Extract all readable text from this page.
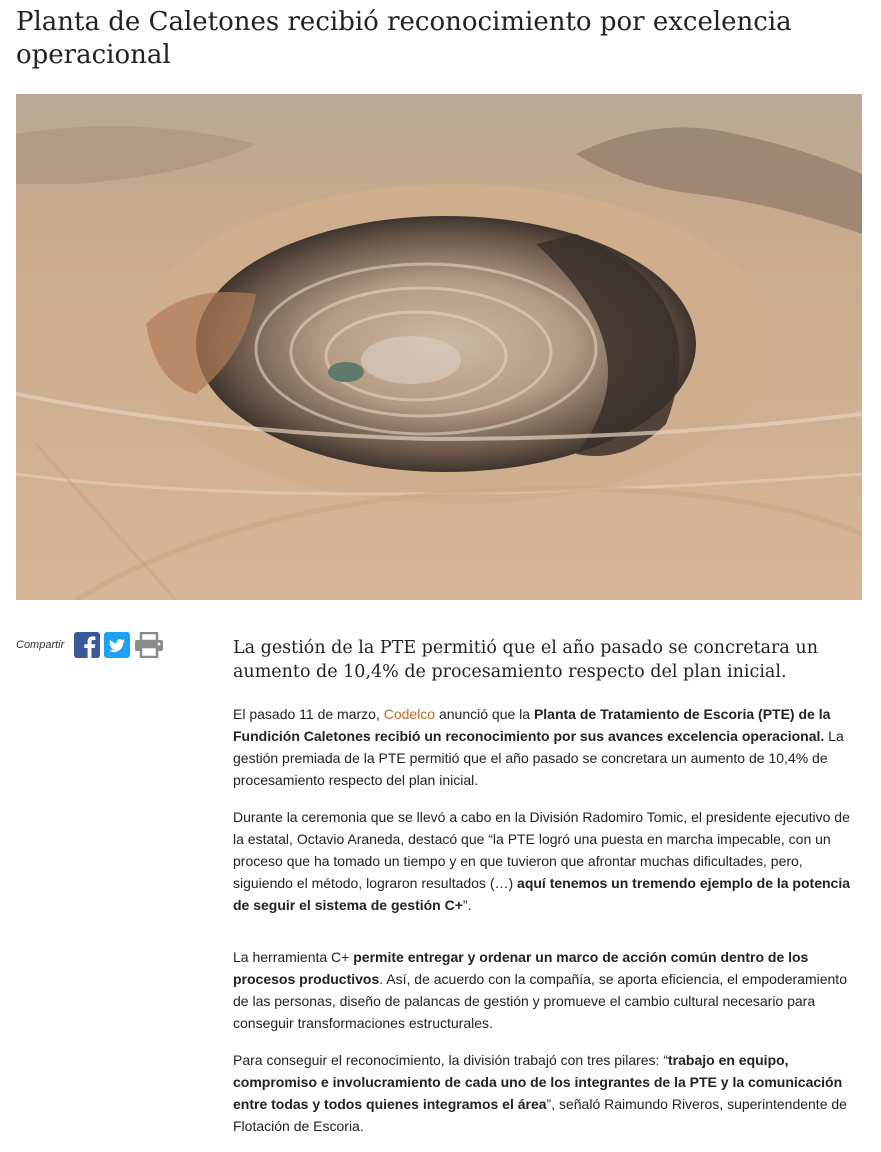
Planta de Caletones recibió reconocimiento por excelencia operacional
Compartir	La gestión de la PTE permitió que el año pasado se concretara un aumento de 10,4% de procesamiento respecto del plan inicial.

El pasado 11 de marzo, Codelco anunció que la Planta de Tratamiento de Escoria (PTE) de la Fundición Caletones recibió un reconocimiento por sus avances excelencia operacional. La gestión premiada de la PTE permitió que el año pasado se concretara un aumento de 10,4% de procesamiento respecto del plan inicial.

Durante la ceremonia que se llevó a cabo en la División Radomiro Tomic, el presidente ejecutivo de la estatal, Octavio Araneda, destacó que “la PTE logró una puesta en marcha impecable, con un proceso que ha tomado un tiempo y en que tuvieron que afrontar muchas dificultades, pero, siguiendo el método, lograron resultados (…) aquí tenemos un tremendo ejemplo de la potencia de seguir el sistema de gestión C+”.

La herramienta C+ permite entregar y ordenar un marco de acción común dentro de los procesos productivos. Así, de acuerdo con la compañía, se aporta eficiencia, el empoderamiento de las personas, diseño de palancas de gestión y promueve el cambio cultural necesario para conseguir transformaciones estructurales.

Para conseguir el reconocimiento, la división trabajó con tres pilares: “trabajo en equipo, compromiso e involucramiento de cada uno de los integrantes de la PTE y la comunicación entre todas y todos quienes integramos el área”, señaló Raimundo Riveros, superintendente de Flotación de Escoria.
